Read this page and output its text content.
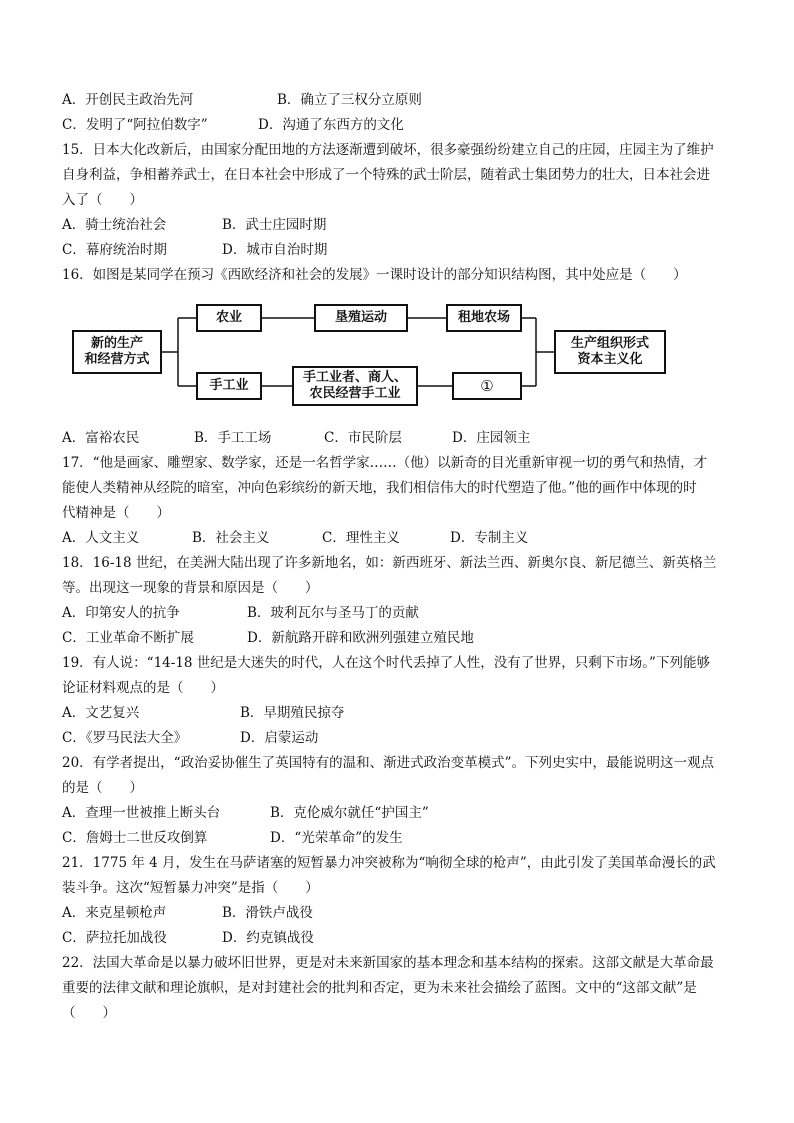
A．开创民主政治先河	B．确立了三权分立原则
C．发明了“阿拉伯数字”	D．沟通了东西方的文化
15．日本大化改新后，由国家分配田地的方法逐渐遭到破坏，很多豪强纷纷建立自己的庄园，庄园主为了维护
自身利益，争相蓄养武士，在日本社会中形成了一个特殊的武士阶层，随着武士集团势力的壮大，日本社会进
入了（　　）
A．骑士统治社会	B．武士庄园时期
C．幕府统治时期	D．城市自治时期
16．如图是某同学在预习《西欧经济和社会的发展》一课时设计的部分知识结构图，其中处应是（　　）
新的生产
和经营方式
农业	垦殖运动	租地农场
手工业
手工业者、商人、
农民经营手工业	①
生产组织形式
资本主义化
A．富裕农民	B．手工工场	C．市民阶层	D．庄园领主
17．“他是画家、雕塑家、数学家，还是一名哲学家……（他）以新奇的目光重新审视一切的勇气和热情，才
能使人类精神从经院的暗室，冲向色彩缤纷的新天地，我们相信伟大的时代塑造了他。”他的画作中体现的时
代精神是（　　）
A．人文主义	B．社会主义	C．理性主义	D．专制主义
18．16-18 世纪，在美洲大陆出现了许多新地名，如：新西班牙、新法兰西、新奥尔良、新尼德兰、新英格兰
等。出现这一现象的背景和原因是（　　）
A．印第安人的抗争	B．玻利瓦尔与圣马丁的贡献
C．工业革命不断扩展	D．新航路开辟和欧洲列强建立殖民地
19．有人说：“14-18 世纪是大迷失的时代，人在这个时代丢掉了人性，没有了世界，只剩下市场。”下列能够
论证材料观点的是（　　）
A．文艺复兴	B．早期殖民掠夺
C．《罗马民法大全》	D．启蒙运动
20．有学者提出，“政治妥协催生了英国特有的温和、渐进式政治变革模式”。下列史实中，最能说明这一观点
的是（　　）
A．查理一世被推上断头台	B．克伦威尔就任“护国主”
C．詹姆士二世反攻倒算	D．“光荣革命”的发生
21．1775 年 4 月，发生在马萨诸塞的短暂暴力冲突被称为“响彻全球的枪声”，由此引发了美国革命漫长的武
装斗争。这次“短暂暴力冲突”是指（　　）
A．来克星顿枪声	B．滑铁卢战役
C．萨拉托加战役	D．约克镇战役
22．法国大革命是以暴力破坏旧世界，更是对未来新国家的基本理念和基本结构的探索。这部文献是大革命最
重要的法律文献和理论旗帜，是对封建社会的批判和否定，更为未来社会描绘了蓝图。文中的“这部文献”是
（　　）
